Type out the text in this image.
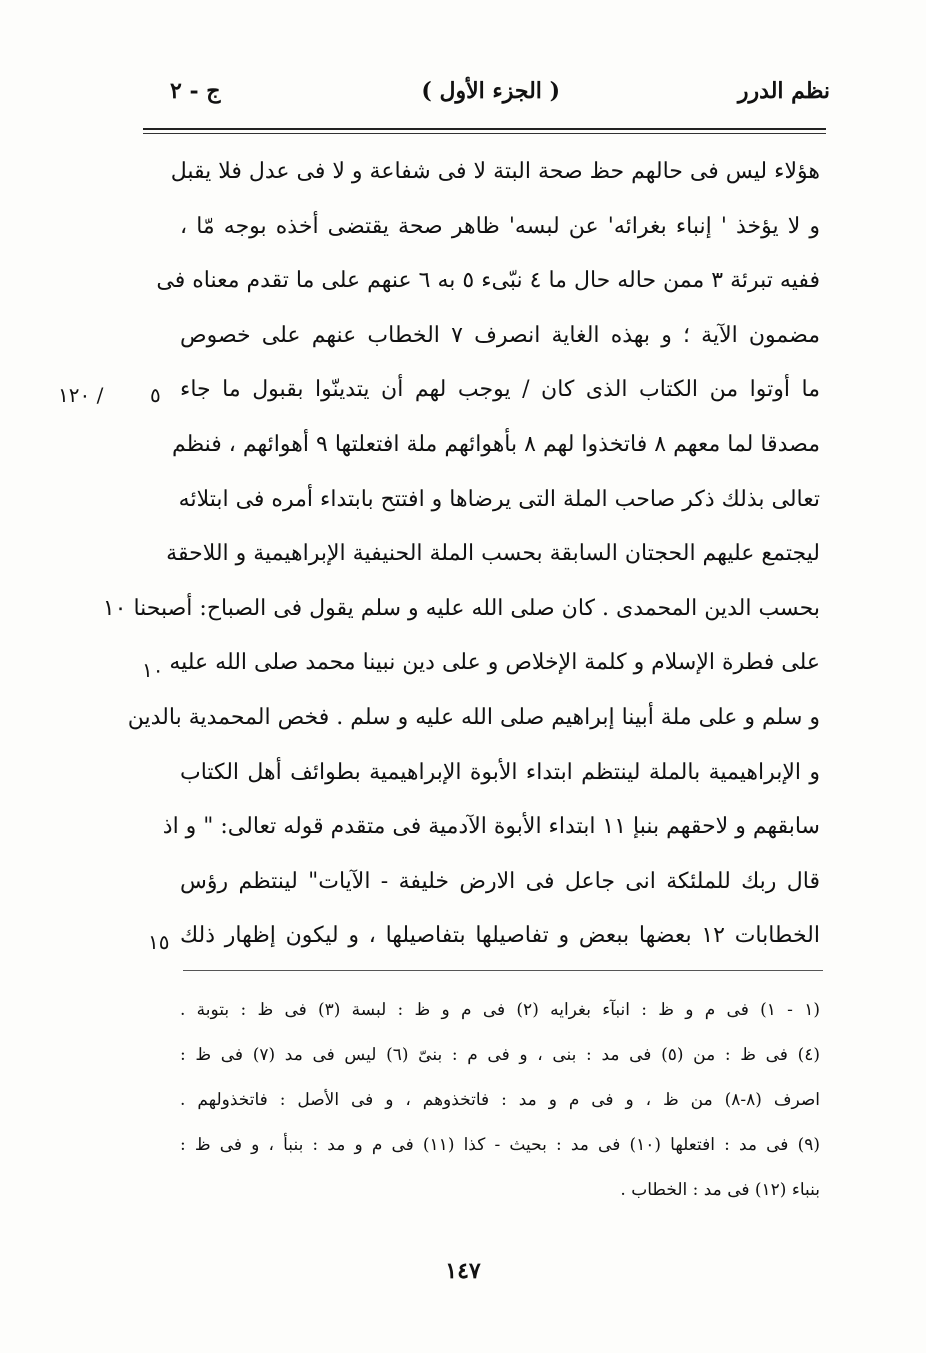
نظم الدرر
( الجزء الأول )
ج - ٢
هؤلاء ليس فى حالهم حظ صحة البتة لا فى شفاعة و لا فى عدل فلا يقبل
و لا يؤخذ ' إنباء بغرائه' عن لبسه' ظاهر صحة يقتضى أخذه بوجه مّا ،
ففيه تبرئة ٣ ممن حاله حال ما ٤ نبّىء ٥ به ٦ عنهم على ما تقدم معناه فى
مضمون الآية ؛ و بهذه الغاية انصرف ٧ الخطاب عنهم على خصوص
ما أوتوا من الكتاب الذى كان / يوجب لهم أن يتدينّوا بقبول ما جاء
مصدقا لما معهم ٨ فاتخذوا لهم ٨ بأهوائهم ملة افتعلتها ٩ أهوائهم ، فنظم
تعالى بذلك ذكر صاحب الملة التى يرضاها و افتتح بابتداء أمره فى ابتلائه
ليجتمع عليهم الحجتان السابقة بحسب الملة الحنيفية الإبراهيمية و اللاحقة
بحسب الدين المحمدى . كان صلى الله عليه و سلم يقول فى الصباح: أصبحنا ١٠
على فطرة الإسلام و كلمة الإخلاص و على دين نبينا محمد صلى الله عليه
و سلم و على ملة أبينا إبراهيم صلى الله عليه و سلم . فخص المحمدية بالدين
و الإبراهيمية بالملة لينتظم ابتداء الأبوة الإبراهيمية بطوائف أهل الكتاب
سابقهم و لاحقهم بنبإ ١١ ابتداء الأبوة الآدمية فى متقدم قوله تعالى: " و اذ
قال ربك للملئكة انى جاعل فى الارض خليفة - الآيات" لينتظم رؤس
الخطابات ١٢ بعضها ببعض و تفاصيلها بتفاصيلها ، و ليكون إظهار ذلك
٥
١٠
١٥
١٢٠ /
(١ - ١) فى م و ظ : انبآء بغرايه (٢) فى م و ظ : لبسة (٣) فى ظ : بتوبة .
(٤) فى ظ : من (٥) فى مد : بنى ، و فى م : بنىّ (٦) ليس فى مد (٧) فى ظ :
اصرف (٨-٨) من ظ ، و فى م و مد : فاتخذوهم ، و فى الأصل : فاتخذولهم .
(٩) فى مد : افتعلها (١٠) فى مد : بحيث - كذا (١١) فى م و مد : بنبأ ، و فى ظ :
بنباء (١٢) فى مد : الخطاب .
١٤٧
